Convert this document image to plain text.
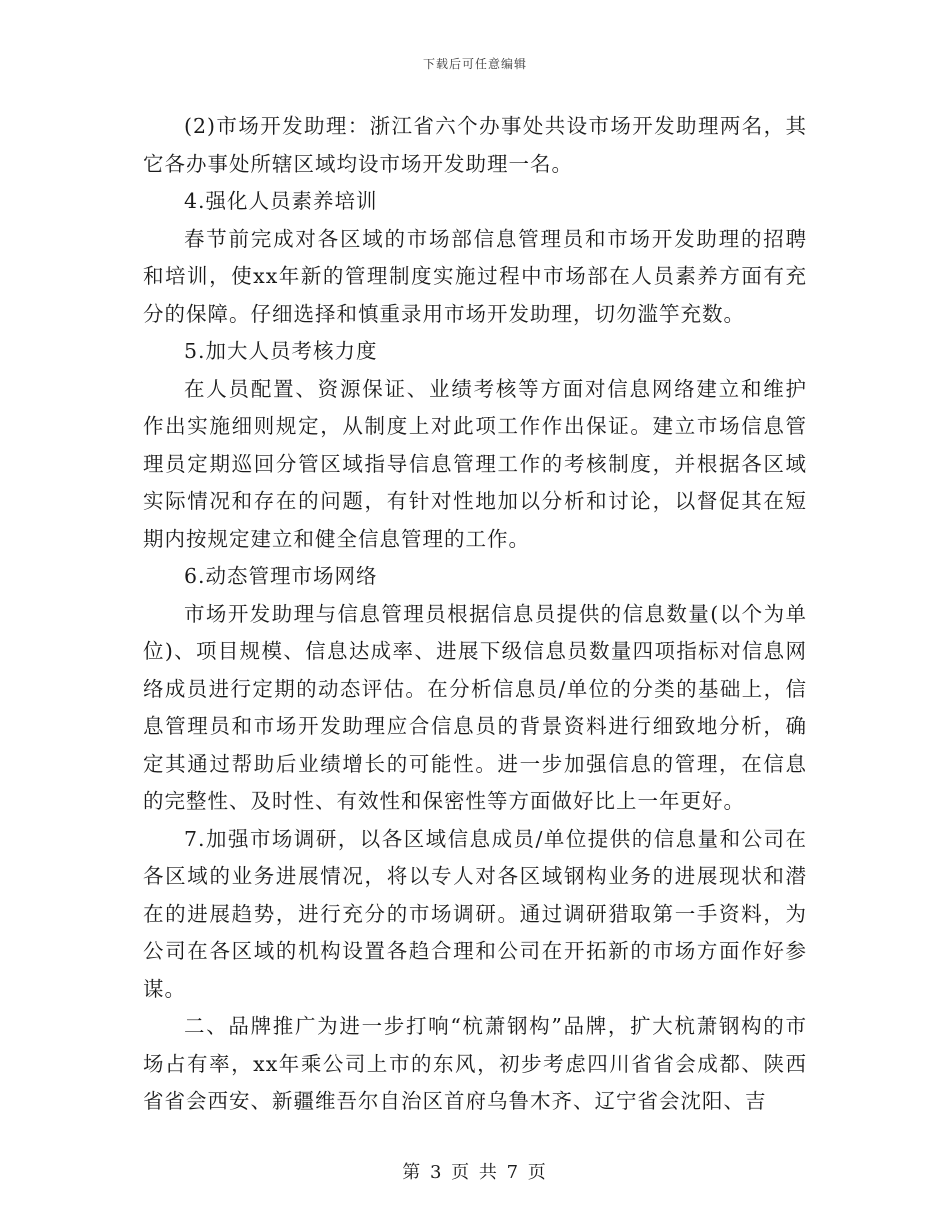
下载后可任意编辑

(2)市场开发助理：浙江省六个办事处共设市场开发助理两名，其它各办事处所辖区域均设市场开发助理一名。

4.强化人员素养培训

春节前完成对各区域的市场部信息管理员和市场开发助理的招聘和培训，使xx年新的管理制度实施过程中市场部在人员素养方面有充分的保障。仔细选择和慎重录用市场开发助理，切勿滥竽充数。

5.加大人员考核力度

在人员配置、资源保证、业绩考核等方面对信息网络建立和维护作出实施细则规定，从制度上对此项工作作出保证。建立市场信息管理员定期巡回分管区域指导信息管理工作的考核制度，并根据各区域实际情况和存在的问题，有针对性地加以分析和讨论，以督促其在短期内按规定建立和健全信息管理的工作。

6.动态管理市场网络

市场开发助理与信息管理员根据信息员提供的信息数量(以个为单位)、项目规模、信息达成率、进展下级信息员数量四项指标对信息网络成员进行定期的动态评估。在分析信息员/单位的分类的基础上，信息管理员和市场开发助理应合信息员的背景资料进行细致地分析，确定其通过帮助后业绩增长的可能性。进一步加强信息的管理，在信息的完整性、及时性、有效性和保密性等方面做好比上一年更好。

7.加强市场调研，以各区域信息成员/单位提供的信息量和公司在各区域的业务进展情况，将以专人对各区域钢构业务的进展现状和潜在的进展趋势，进行充分的市场调研。通过调研猎取第一手资料，为公司在各区域的机构设置各趋合理和公司在开拓新的市场方面作好参谋。

二、品牌推广为进一步打响“杭萧钢构”品牌，扩大杭萧钢构的市场占有率，xx年乘公司上市的东风，初步考虑四川省省会成都、陕西省省会西安、新疆维吾尔自治区首府乌鲁木齐、辽宁省会沈阳、吉

第 3 页 共 7 页
